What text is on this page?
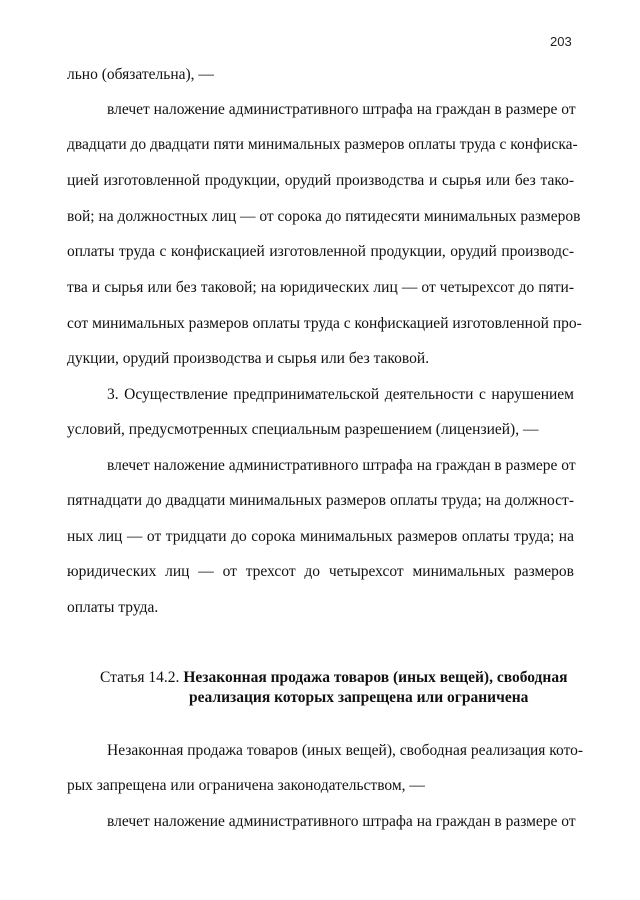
203
льно (обязательна), —
влечет наложение административного штрафа на граждан в размере от
двадцати до двадцати пяти минимальных размеров оплаты труда с конфиска-
цией изготовленной продукции, орудий производства и сырья или без тако-
вой; на должностных лиц — от сорока до пятидесяти минимальных размеров
оплаты труда с конфискацией изготовленной продукции, орудий производс-
тва и сырья или без таковой; на юридических лиц — от четырехсот до пяти-
сот минимальных размеров оплаты труда с конфискацией изготовленной про-
дукции, орудий производства и сырья или без таковой.
3. Осуществление предпринимательской деятельности с нарушением
условий, предусмотренных специальным разрешением (лицензией), —
влечет наложение административного штрафа на граждан в размере от
пятнадцати до двадцати минимальных размеров оплаты труда; на должност-
ных лиц — от тридцати до сорока минимальных размеров оплаты труда; на
юридических лиц — от трехсот до четырехсот минимальных размеров
оплаты труда.
Статья 14.2. Незаконная продажа товаров (иных вещей), свободная
реализация которых запрещена или ограничена
Незаконная продажа товаров (иных вещей), свободная реализация кото-
рых запрещена или ограничена законодательством, —
влечет наложение административного штрафа на граждан в размере от
